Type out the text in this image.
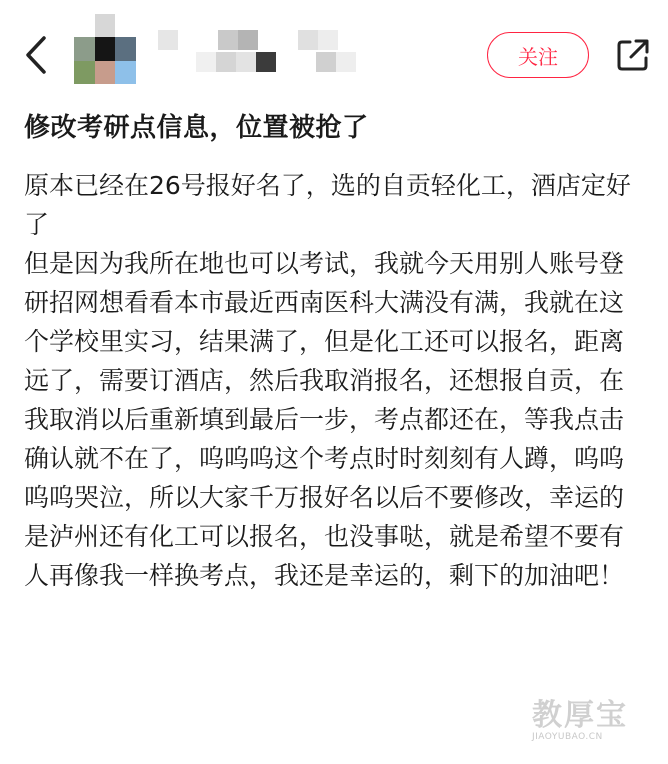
关注
修改考研点信息，位置被抢了

原本已经在26号报好名了，选的自贡轻化工，酒店定好了

但是因为我所在地也可以考试，我就今天用别人账号登研招网想看看本市最近西南医科大满没有满，我就在这个学校里实习，结果满了，但是化工还可以报名，距离远了，需要订酒店，然后我取消报名，还想报自贡，在我取消以后重新填到最后一步，考点都还在，等我点击确认就不在了，呜呜呜这个考点时时刻刻有人蹲，呜呜呜呜哭泣，所以大家千万报好名以后不要修改，幸运的是泸州还有化工可以报名，也没事哒，就是希望不要有人再像我一样换考点，我还是幸运的，剩下的加油吧！

教厚宝
JIAOYUBAO.CN
